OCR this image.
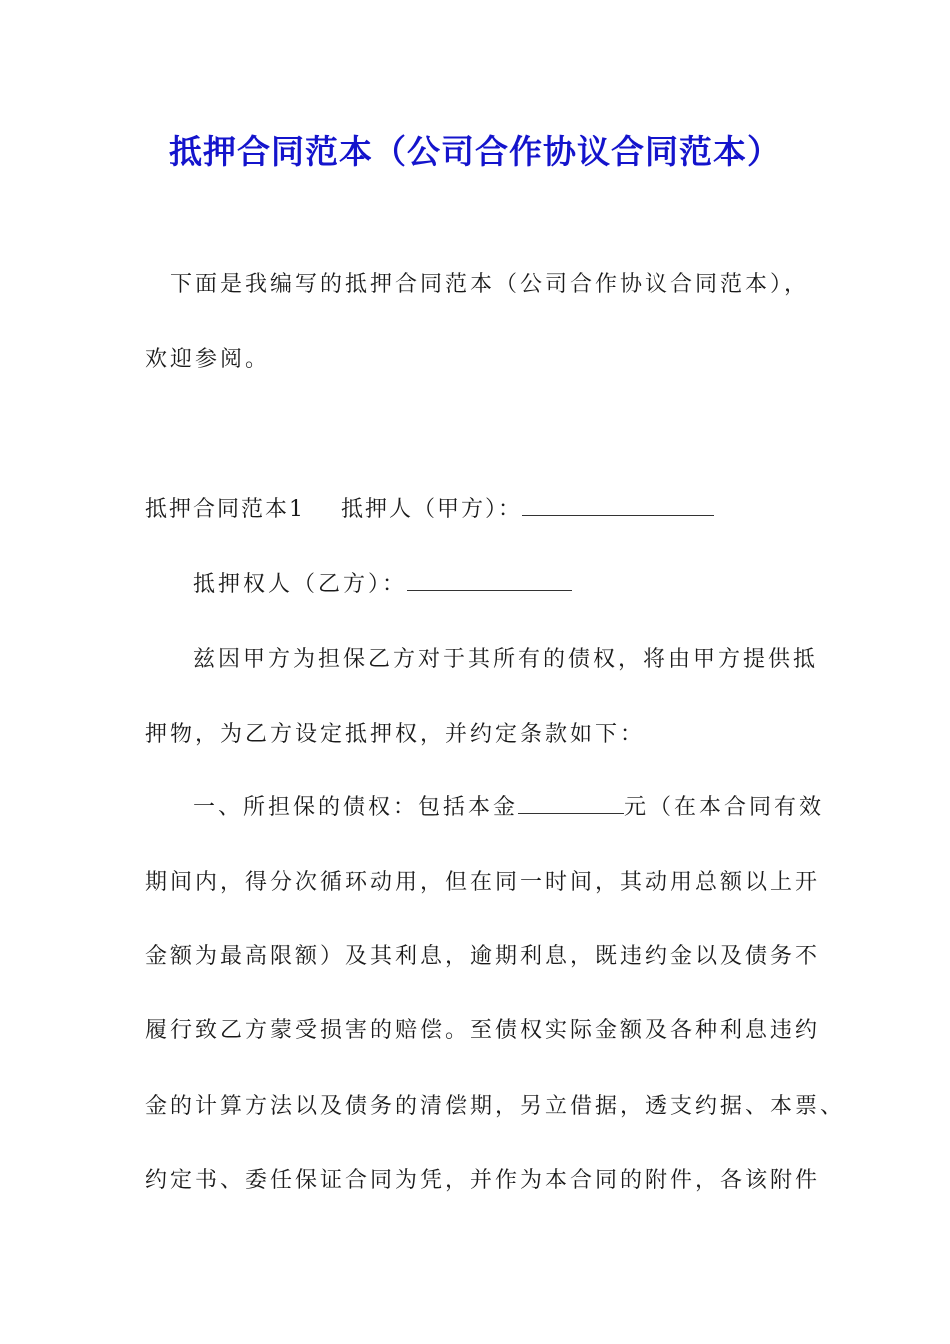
抵押合同范本（公司合作协议合同范本）
下面是我编写的抵押合同范本（公司合作协议合同范本），
欢迎参阅。
抵押合同范本1 抵押人（甲方）：
抵押权人（乙方）：
兹因甲方为担保乙方对于其所有的债权，将由甲方提供抵
押物，为乙方设定抵押权，并约定条款如下：
一、所担保的债权：包括本金	元（在本合同有效
期间内，得分次循环动用，但在同一时间，其动用总额以上开
金额为最高限额）及其利息，逾期利息，既违约金以及债务不
履行致乙方蒙受损害的赔偿。至债权实际金额及各种利息违约
金的计算方法以及债务的清偿期，另立借据，透支约据、本票、
约定书、委任保证合同为凭，并作为本合同的附件，各该附件
